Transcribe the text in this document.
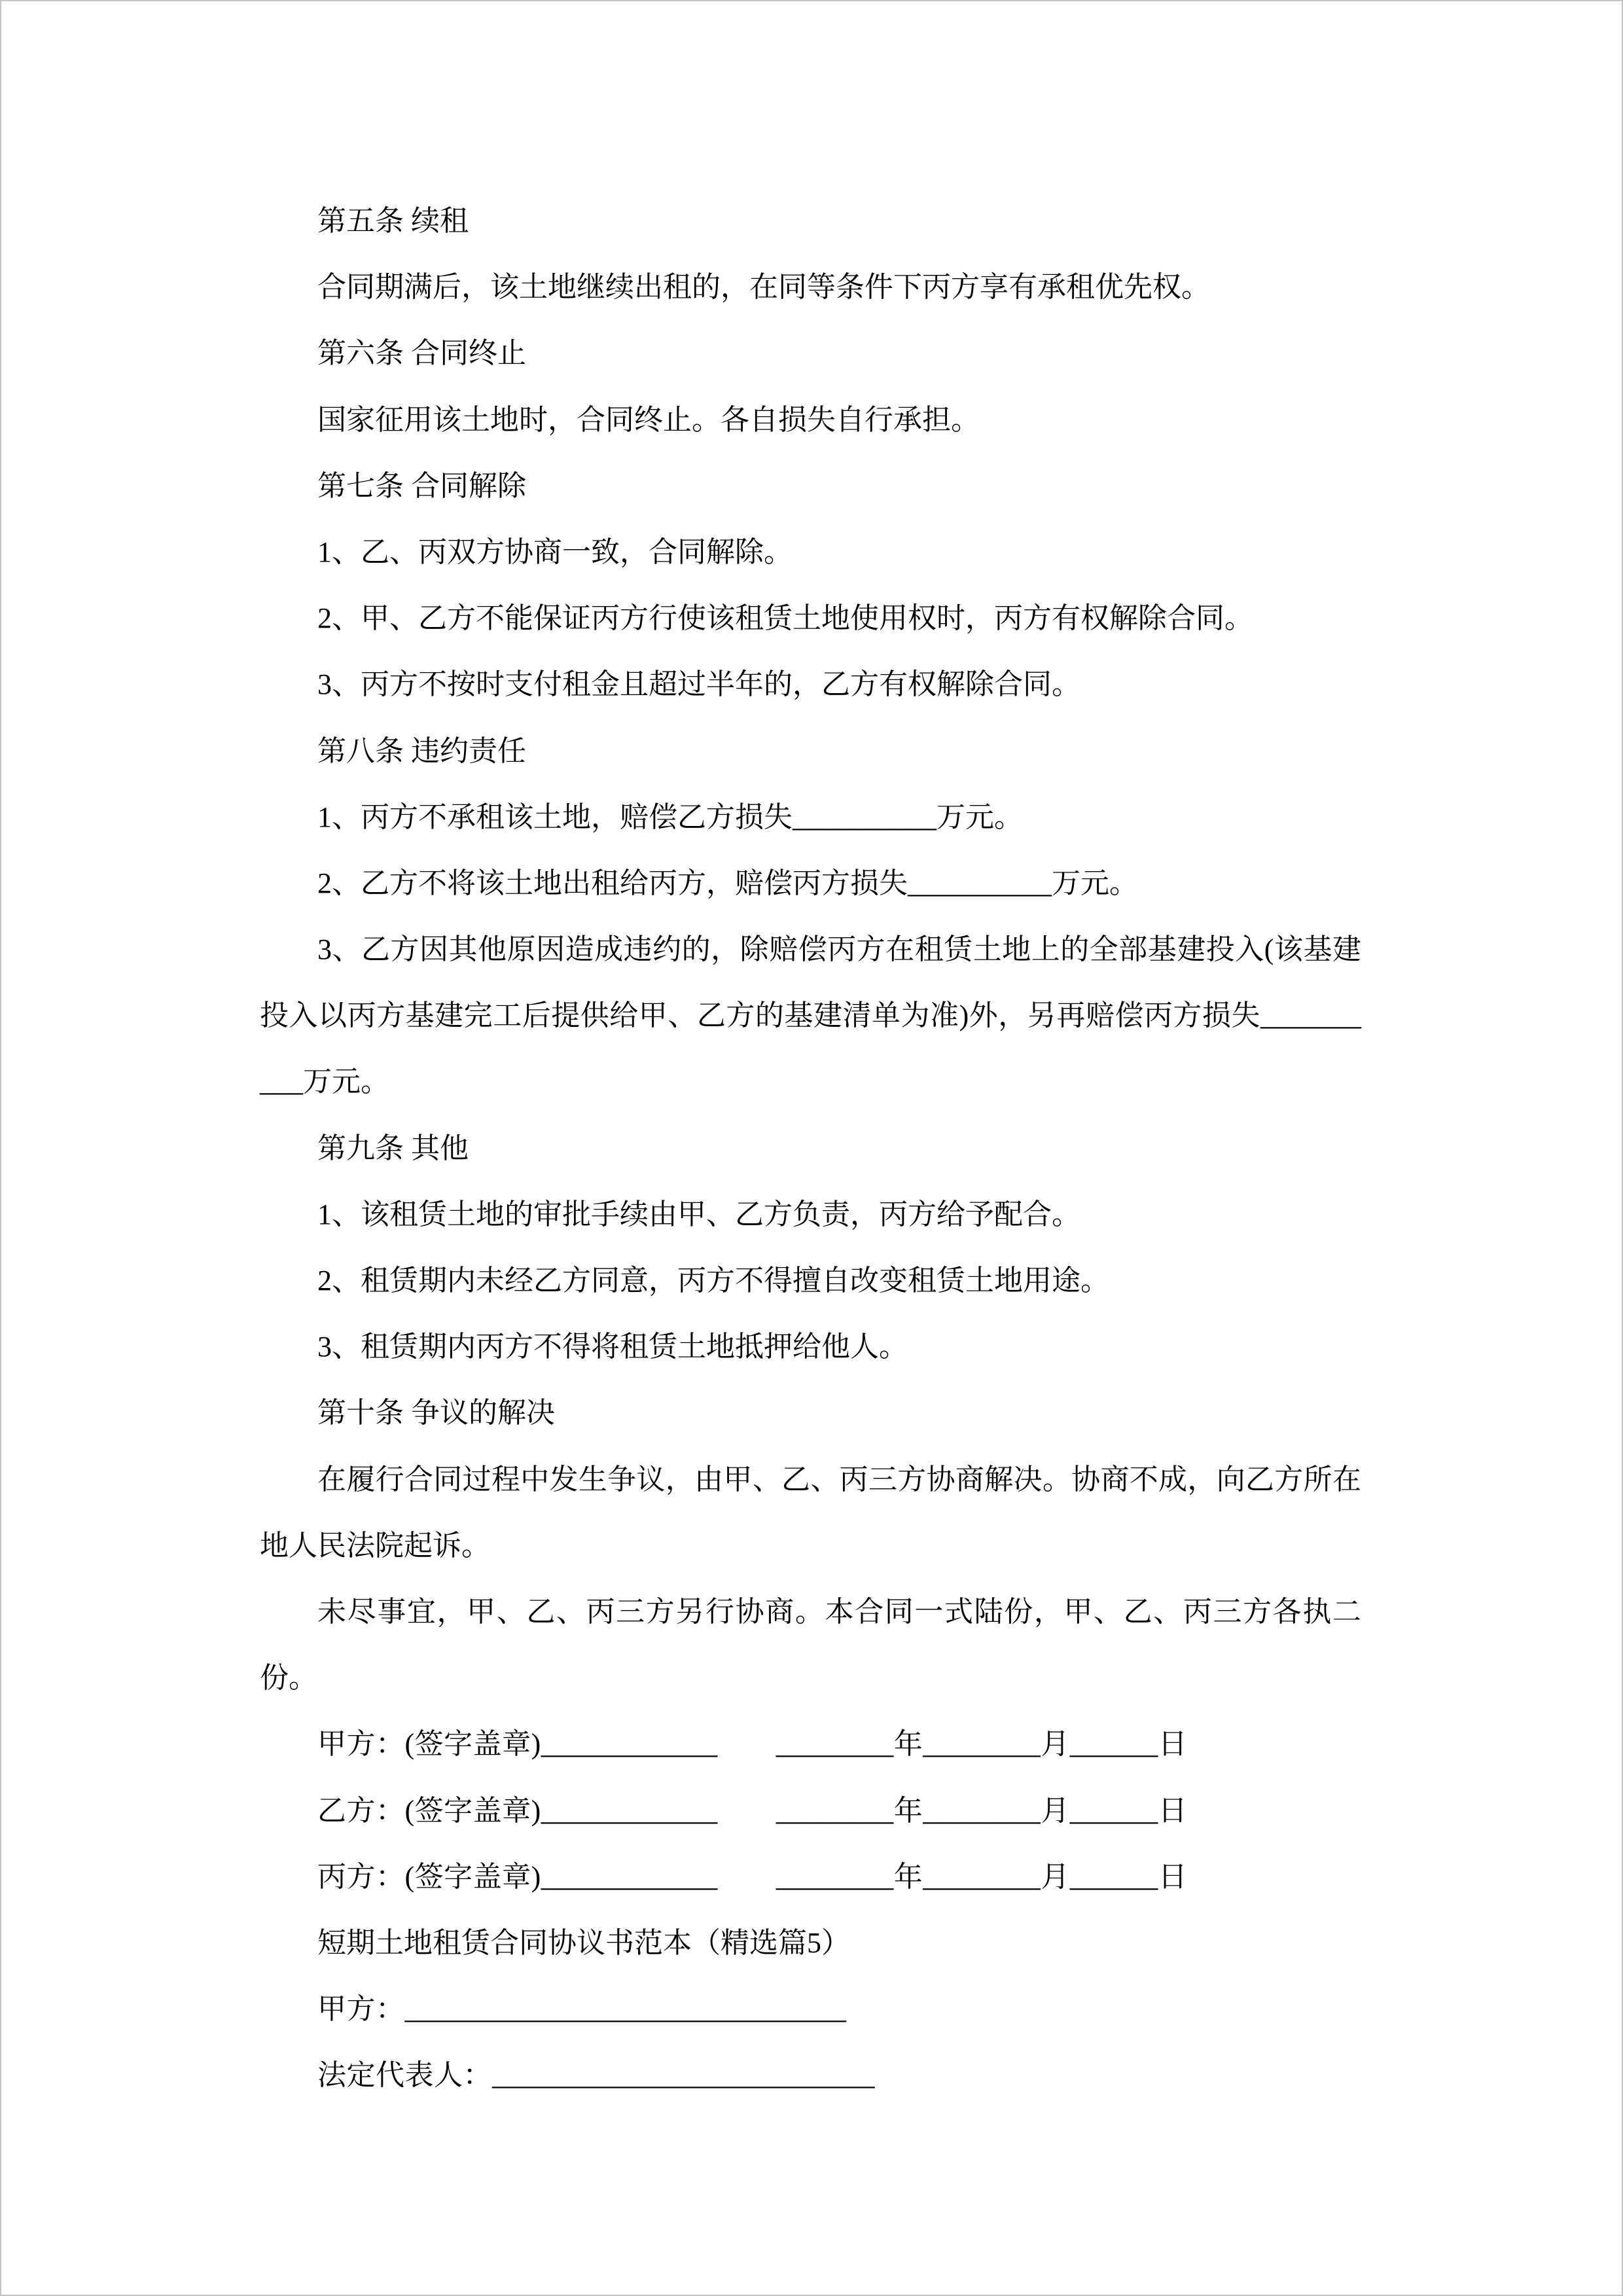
第五条 续租

合同期满后，该土地继续出租的，在同等条件下丙方享有承租优先权。

第六条 合同终止

国家征用该土地时，合同终止。各自损失自行承担。

第七条 合同解除

1、乙、丙双方协商一致，合同解除。

2、甲、乙方不能保证丙方行使该租赁土地使用权时，丙方有权解除合同。

3、丙方不按时支付租金且超过半年的，乙方有权解除合同。

第八条 违约责任

1、丙方不承租该土地，赔偿乙方损失__________万元。

2、乙方不将该土地出租给丙方，赔偿丙方损失__________万元。

3、乙方因其他原因造成违约的，除赔偿丙方在租赁土地上的全部基建投入(该基建投入以丙方基建完工后提供给甲、乙方的基建清单为准)外，另再赔偿丙方损失__________万元。

第九条 其他

1、该租赁土地的审批手续由甲、乙方负责，丙方给予配合。

2、租赁期内未经乙方同意，丙方不得擅自改变租赁土地用途。

3、租赁期内丙方不得将租赁土地抵押给他人。

第十条 争议的解决

在履行合同过程中发生争议，由甲、乙、丙三方协商解决。协商不成，向乙方所在地人民法院起诉。

未尽事宜，甲、乙、丙三方另行协商。本合同一式陆份，甲、乙、丙三方各执二份。

甲方：(签字盖章)____________　　________年________月______日

乙方：(签字盖章)____________　　________年________月______日

丙方：(签字盖章)____________　　________年________月______日

短期土地租赁合同协议书范本（精选篇5）

甲方：______________________________

法定代表人：__________________________
